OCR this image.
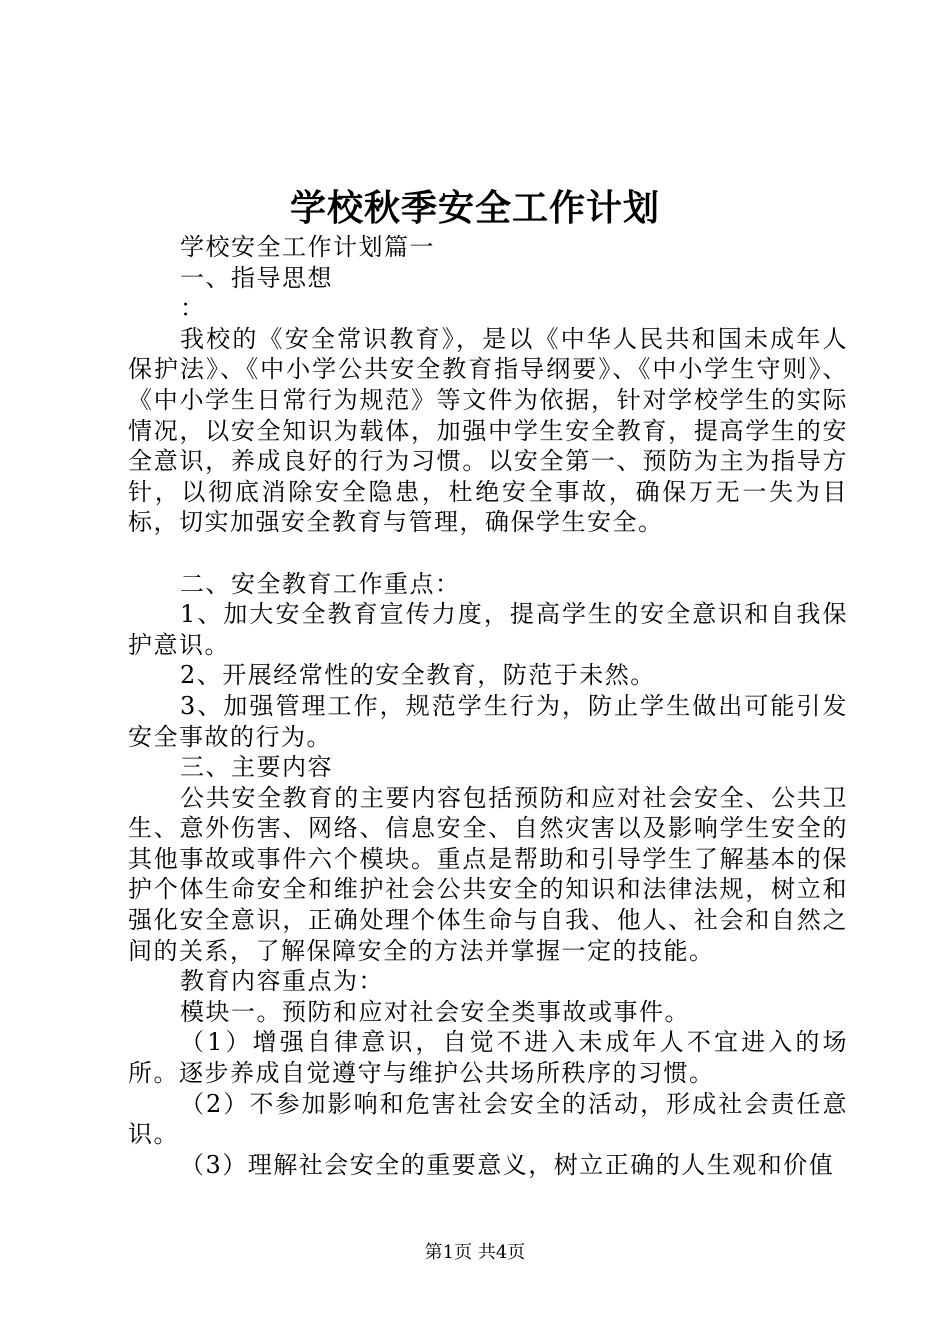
学校秋季安全工作计划

学校安全工作计划篇一

一、指导思想

：

我校的《安全常识教育》，是以《中华人民共和国未成年人保护法》、《中小学公共安全教育指导纲要》、《中小学生守则》、《中小学生日常行为规范》等文件为依据，针对学校学生的实际情况，以安全知识为载体，加强中学生安全教育，提高学生的安全意识，养成良好的行为习惯。以安全第一、预防为主为指导方针，以彻底消除安全隐患，杜绝安全事故，确保万无一失为目标，切实加强安全教育与管理，确保学生安全。

二、安全教育工作重点：

1、加大安全教育宣传力度，提高学生的安全意识和自我保护意识。

2、开展经常性的安全教育，防范于未然。

3、加强管理工作，规范学生行为，防止学生做出可能引发安全事故的行为。

三、主要内容

公共安全教育的主要内容包括预防和应对社会安全、公共卫生、意外伤害、网络、信息安全、自然灾害以及影响学生安全的其他事故或事件六个模块。重点是帮助和引导学生了解基本的保护个体生命安全和维护社会公共安全的知识和法律法规，树立和强化安全意识，正确处理个体生命与自我、他人、社会和自然之间的关系，了解保障安全的方法并掌握一定的技能。

教育内容重点为：

模块一。预防和应对社会安全类事故或事件。

（1）增强自律意识，自觉不进入未成年人不宜进入的场所。逐步养成自觉遵守与维护公共场所秩序的习惯。

（2）不参加影响和危害社会安全的活动，形成社会责任意识。

（3）理解社会安全的重要意义，树立正确的人生观和价值

第1页 共4页
